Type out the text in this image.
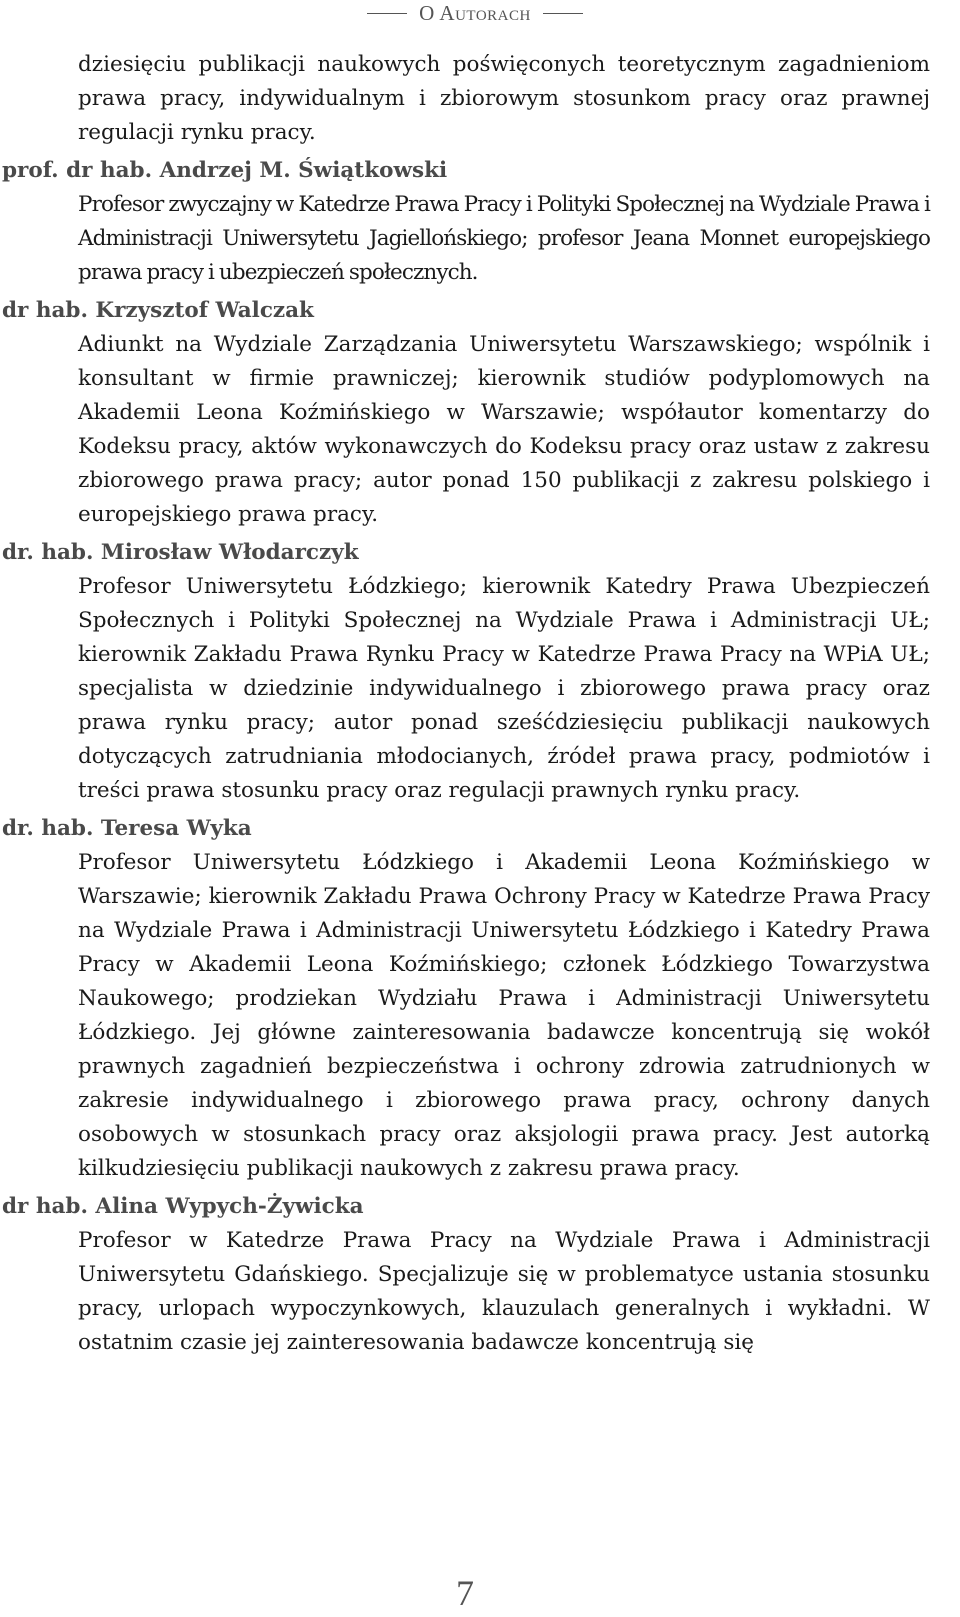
O Autorach

dziesięciu publikacji naukowych poświęconych teoretycznym zagadnieniom prawa pracy, indywidualnym i zbiorowym stosunkom pracy oraz prawnej regulacji rynku pracy.

prof. dr hab. Andrzej M. Świątkowski

Profesor zwyczajny w Katedrze Prawa Pracy i Polityki Społecznej na Wydziale Prawa i Administracji Uniwersytetu Jagiellońskiego; profesor Jeana Monnet europejskiego prawa pracy i ubezpieczeń społecznych.

dr hab. Krzysztof Walczak

Adiunkt na Wydziale Zarządzania Uniwersytetu Warszawskiego; wspólnik i konsultant w firmie prawniczej; kierownik studiów podyplomowych na Akademii Leona Koźmińskiego w Warszawie; współautor komentarzy do Kodeksu pracy, aktów wykonawczych do Kodeksu pracy oraz ustaw z zakresu zbiorowego prawa pracy; autor ponad 150 publikacji z zakresu polskiego i europejskiego prawa pracy.

dr. hab. Mirosław Włodarczyk

Profesor Uniwersytetu Łódzkiego; kierownik Katedry Prawa Ubezpieczeń Społecznych i Polityki Społecznej na Wydziale Prawa i Administracji UŁ; kierownik Zakładu Prawa Rynku Pracy w Katedrze Prawa Pracy na WPiA UŁ; specjalista w dziedzinie indywidualnego i zbiorowego prawa pracy oraz prawa rynku pracy; autor ponad sześćdziesięciu publikacji naukowych dotyczących zatrudniania młodocianych, źródeł prawa pracy, podmiotów i treści prawa stosunku pracy oraz regulacji prawnych rynku pracy.

dr. hab. Teresa Wyka

Profesor Uniwersytetu Łódzkiego i Akademii Leona Koźmińskiego w Warszawie; kierownik Zakładu Prawa Ochrony Pracy w Katedrze Prawa Pracy na Wydziale Prawa i Administracji Uniwersytetu Łódzkiego i Katedry Prawa Pracy w Akademii Leona Koźmińskiego; członek Łódzkiego Towarzystwa Naukowego; prodziekan Wydziału Prawa i Administracji Uniwersytetu Łódzkiego. Jej główne zainteresowania badawcze koncentrują się wokół prawnych zagadnień bezpieczeństwa i ochrony zdrowia zatrudnionych w zakresie indywidualnego i zbiorowego prawa pracy, ochrony danych osobowych w stosunkach pracy oraz aksjologii prawa pracy. Jest autorką kilkudziesięciu publikacji naukowych z zakresu prawa pracy.

dr hab. Alina Wypych-Żywicka

Profesor w Katedrze Prawa Pracy na Wydziale Prawa i Administracji Uniwersytetu Gdańskiego. Specjalizuje się w problematyce ustania stosunku pracy, urlopach wypoczynkowych, klauzulach generalnych i wykładni. W ostatnim czasie jej zainteresowania badawcze koncentrują się

7
